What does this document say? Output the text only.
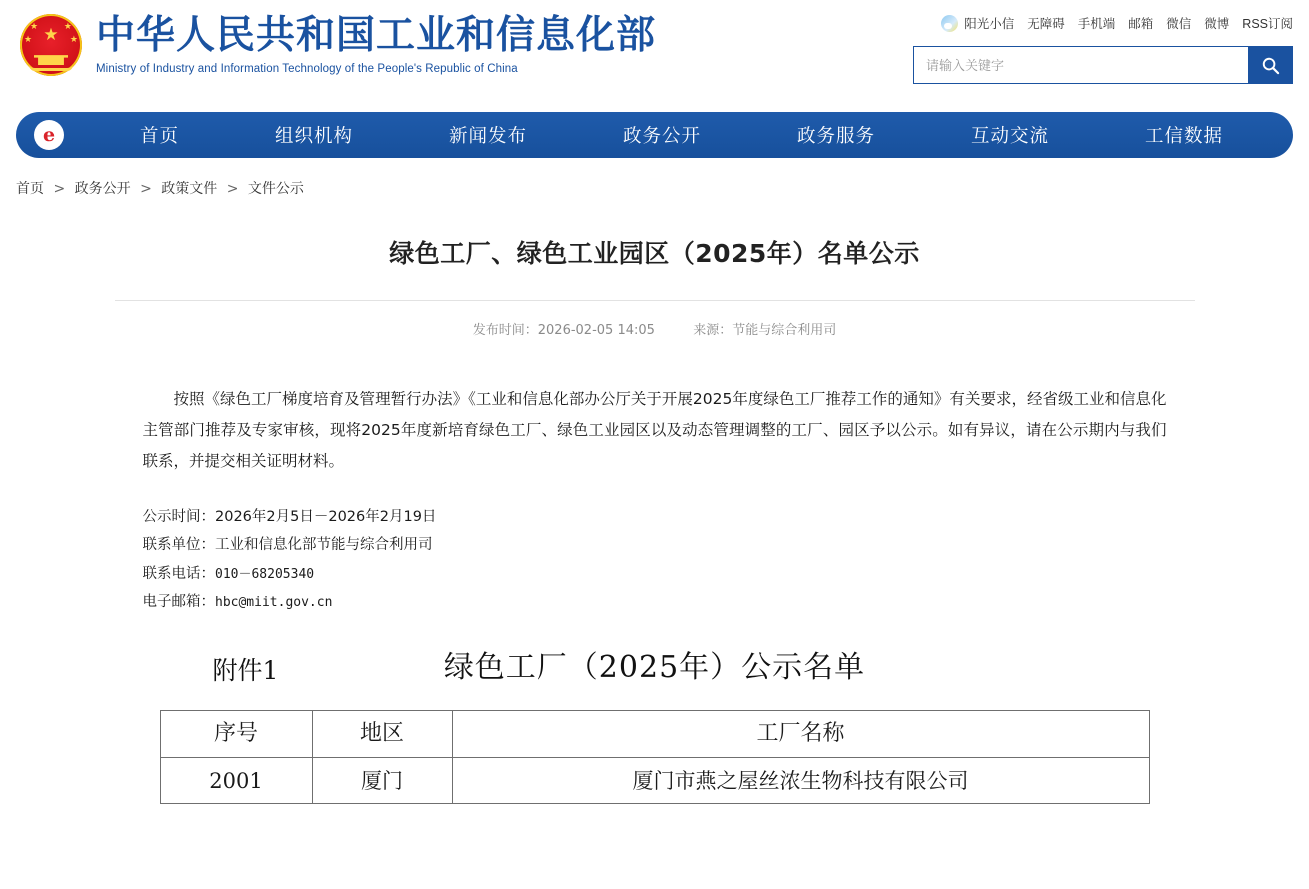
★
★
★
★
★ 中华人民共和国工业和信息化部
Ministry of Industry and Information Technology of the People's Republic of China
阳光小信 无障碍 手机端 邮箱 微信 微博 RSS订阅
请输入关键字
e	首页	组织机构	新闻发布	政务公开	政务服务	互动交流	工信数据
首页 > 政务公开 > 政策文件 > 文件公示
绿色工厂、绿色工业园区（2025年）名单公示
发布时间：2026-02-05 14:05	来源：节能与综合利用司

按照《绿色工厂梯度培育及管理暂行办法》《工业和信息化部办公厅关于开展2025年度绿色工厂推荐工作的通知》有关要求，经省级工业和信息化主管部门推荐及专家审核，现将2025年度新培育绿色工厂、绿色工业园区以及动态管理调整的工厂、园区予以公示。如有异议，请在公示期内与我们联系，并提交相关证明材料。

公示时间：2026年2月5日－2026年2月19日
联系单位：工业和信息化部节能与综合利用司
联系电话：010－68205340
电子邮箱：hbc@miit.gov.cn
附件1	绿色工厂（2025年）公示名单
序号	地区	工厂名称
2001	厦门	厦门市燕之屋丝浓生物科技有限公司
